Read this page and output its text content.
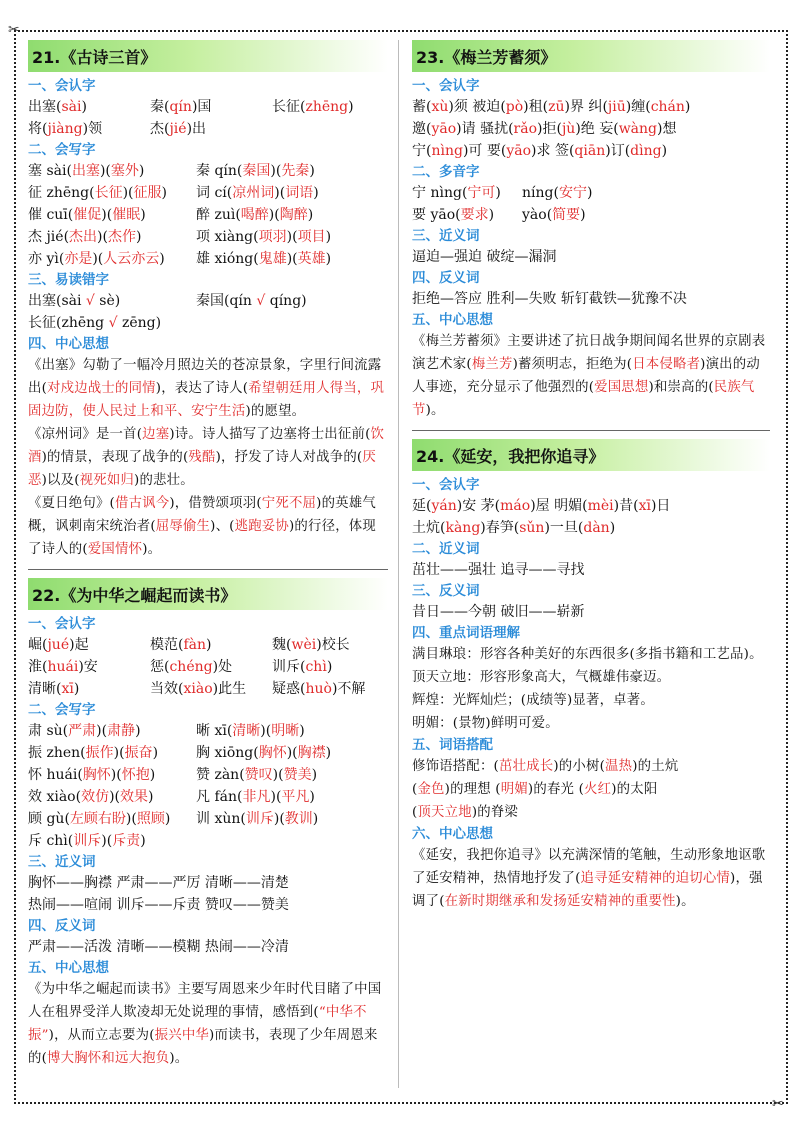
✂
✂
21.《古诗三首》
一、会认字
出塞(sài)	秦(qín)国	长征(zhēng)
将(jiàng)领	杰(jié)出
二、会写字
塞 sài(出塞)(塞外)	秦 qín(秦国)(先秦)
征 zhēng(长征)(征服)	词 cí(凉州词)(词语)
催 cuī(催促)(催眠)	醉 zuì(喝醉)(陶醉)
杰 jié(杰出)(杰作)	项 xiàng(项羽)(项目)
亦 yì(亦是)(人云亦云)	雄 xióng(鬼雄)(英雄)
三、易读错字
出塞(sài √ sè)	秦国(qín √ qíng)
长征(zhēng √ zēng)
四、中心思想
《出塞》勾勒了一幅冷月照边关的苍凉景象，字里行间流露出(对戍边战士的同情)，表达了诗人(希望朝廷用人得当，巩固边防，使人民过上和平、安宁生活)的愿望。
《凉州词》是一首(边塞)诗。诗人描写了边塞将士出征前(饮酒)的情景，表现了战争的(残酷)，抒发了诗人对战争的(厌恶)以及(视死如归)的悲壮。
《夏日绝句》(借古讽今)，借赞颂项羽(宁死不屈)的英雄气概，讽刺南宋统治者(屈辱偷生)、(逃跑妥协)的行径，体现了诗人的(爱国情怀)。
22.《为中华之崛起而读书》
一、会认字
崛(jué)起	模范(fàn)	魏(wèi)校长
淮(huái)安	惩(chéng)处	训斥(chì)
清晰(xī)	当效(xiào)此生	疑惑(huò)不解
二、会写字
肃 sù(严肃)(肃静)	晰 xī(清晰)(明晰)
振 zhen(振作)(振奋)	胸 xiōng(胸怀)(胸襟)
怀 huái(胸怀)(怀抱)	赞 zàn(赞叹)(赞美)
效 xiào(效仿)(效果)	凡 fán(非凡)(平凡)
顾 gù(左顾右盼)(照顾)	训 xùn(训斥)(教训)
斥 chì(训斥)(斥责)
三、近义词
胸怀——胸襟 严肃——严厉 清晰——清楚
热闹——喧闹 训斥——斥责 赞叹——赞美
四、反义词
严肃——活泼 清晰——模糊 热闹——冷清
五、中心思想
《为中华之崛起而读书》主要写周恩来少年时代目睹了中国人在租界受洋人欺凌却无处说理的事情，感悟到(“中华不振”)，从而立志要为(振兴中华)而读书，表现了少年周恩来的(博大胸怀和远大抱负)。
23.《梅兰芳蓄须》
一、会认字
蓄 (xù) 须 被迫 (pò) 租 (zū) 界 纠 (jiū) 缠 (chán)
邀 (yāo) 请 骚扰 (rǎo) 拒 (jù) 绝 妄 (wàng) 想
宁 (nìng) 可 要 (yāo) 求 签 (qiān) 订 (dìng)
二、多音字
宁 nìng(宁可)	níng(安宁)
要 yāo(要求)	yào(简要)
三、近义词
逼迫—强迫 破绽—漏洞
四、反义词
拒绝—答应 胜利—失败 斩钉截铁—犹豫不决
五、中心思想
《梅兰芳蓄须》主要讲述了抗日战争期间闻名世界的京剧表演艺术家(梅兰芳)蓄须明志，拒绝为(日本侵略者)演出的动人事迹，充分显示了他强烈的(爱国思想)和崇高的(民族气节)。
24.《延安，我把你追寻》
一、会认字
延 (yán) 安 茅 (máo) 屋 明媚 (mèi) 昔 (xī) 日
土炕 (kàng) 春笋 (sǔn) 一旦 (dàn)
二、近义词
茁壮——强壮 追寻——寻找
三、反义词
昔日——今朝 破旧——崭新
四、重点词语理解
满目琳琅：形容各种美好的东西很多(多指书籍和工艺品)。
顶天立地：形容形象高大，气概雄伟豪迈。
辉煌：光辉灿烂；(成绩等)显著，卓著。
明媚：(景物)鲜明可爱。
五、词语搭配
修饰语搭配：(茁壮成长)的小树(温热)的土炕
(金色)的理想 (明媚)的春光 (火红)的太阳
(顶天立地)的脊梁
六、中心思想
《延安，我把你追寻》以充满深情的笔触，生动形象地讴歌了延安精神，热情地抒发了(追寻延安精神的迫切心情)，强调了(在新时期继承和发扬延安精神的重要性)。
